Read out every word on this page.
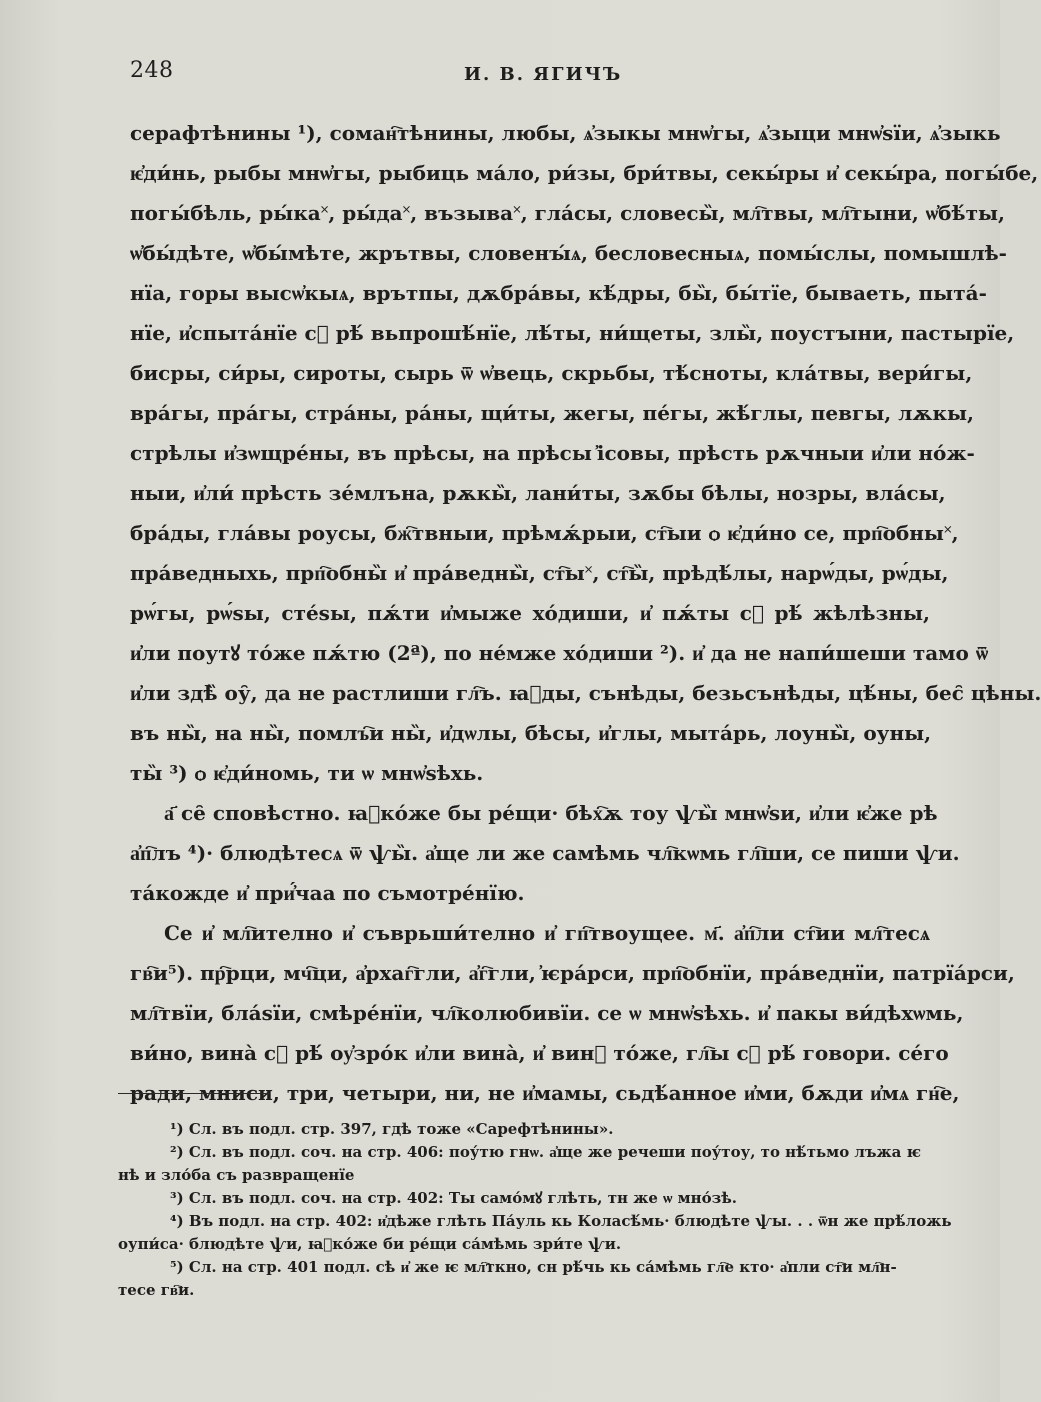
248	И. В. ЯГИЧЪ
серафтѣнины ¹), соман҇тѣнины, любы, ѧ҆зыкы мнѡ҆гы, ѧ҆зыци мнѡ҆ѕїи, ѧ҆зыкь
ѥ҆ди́нь, рыбы мнѡ҆гы, рыбиць ма́ло, ри́зы, бри́твы, секы́ры и҆ секы́ра, погы́бе,
погы́бѣль, ры́ка˟, ры́да˟, възыва˟, гла́сы, словесы̏, мл҇твы, мл҇тыни, ѡ҆бѣ́ты,
ѡ҆бы́дѣте, ѡ҆бы́мѣте, жрътвы, словенꙑ́ѧ, бесловесныѧ, помы́слы, помышлѣ-
нїа, горы высѡ҆кыѧ, врътпы, дѫбра́вы, кѣ́дры, бы̏, бы́тїе, бываеть, пыта́-
нїе, и҆спыта́нїе сꙵ рѣ́ вьпрошѣ́нїе, лѣ́ты, ни́щеты, злы̏, поустꙑни, пастырїе,
бисры, си́ры, сироты, сырь ѿ ѡ҆вець, скрьбы, тѣ́сноты, кла́твы, вери́гы,
вра́гы, пра́гы, стра́ны, ра́ны, щи́ты, жегы, пе́гы, жѣ́глы, певгы, лѫкы,
стрѣлы и҆зѡщре́ны, въ прѣсы, на прѣсы ҆ісовы, прѣсть рѫчныи и҆ли но́ж-
ныи, и҆ли́ прѣсть зе́млъна, рѫкы̏, лани́ты, зѫбы бѣлы, нозры, вла́сы,
бра́ды, гла́вы роусы, бж҇твныи, прѣмѫ́рыи, ст҇ыи ѻ ѥ҆ди́но се, прп҇обны˟,
пра́ведныхь, прп҇обны̏ и҆ пра́ведны̏, ст҇ы˟, ст҇ы̏, прѣдѣ́лы, нарѡ́ды, рѡ́ды,
рѡ́гы, рѡ́ѕы, сте́ѕы, пѫ́ти и҆мыже хо́диши, и҆ пѫ́ты сꙵ рѣ́ жѣлѣзны,
и҆ли поутꙋ то́же пѫ́тю (2ª), по не́мже хо́диши ²). и҆ да не напи́шеши тамо ѿ
и҆ли здѣ̏ оу̑, да не растлиши гл҇ъ. ꙗ҆ды, сънѣды, безьсънѣды, цѣ́ны, бес̑ цѣны.
въ ны̏, на ны̏, помлъ҇и ны̏, и҆дѡлы, бѣсы, и҆глы, мыта́рь, лоуны̏, оуны,
ты̏ ³) ѻ ѥ҆ди́номь, ти ѡ мнѡ҆ѕѣхь.
а҃ се̑ сповѣстно. ꙗ҆ко́же бы ре́щи· бѣх҇ѫ тоу ѱы̏ мнѡ҆ѕи, и҆ли ѥ҆же рѣ
а҆п҇лъ ⁴)· блюдѣтесѧ ѿ ѱы̏. а҆ще ли же самѣмь чл҇кѡмь гл҇ши, се пиши ѱи.
та́кожде и҆ при҆́чаа по съмотре́нїю.
Се и҆ мл҇ително и҆ съврьши́телно и҆ гп҇твоущее. м҃. а҆п҇ли ст҇ии мл҇тесѧ
гв҇и⁵). пр҇рци, мч҇ци, а҆рхаг҇гли, а҆г҇гли, ҆ѥра́рси, прп҇обнїи, пра́веднїи, патрїа́рси,
мл҇твїи, бла́ѕїи, смѣре́нїи, чл҇колюбивїи. се ѡ мнѡ҆ѕѣхь. и҆ пакы ви́дѣхѡмь,
ви́но, вина̀ сꙵ рѣ́ оу҆зро́к и҆ли вина̀, и҆ винꙋ то́же, гл҇ы сꙵ рѣ́ говори. се́го
ради, мниси, три, четыри, ни, не и҆мамы, сьдѣ́анное и҆ми, бѫди и҆мѧ гн҇е,
¹) Сл. въ подл. стр. 397, гдѣ тоже «Сарефтѣнины».
²) Сл. въ подл. соч. на стр. 406: поу́тю гнѡ. а҆ще же речеши поу́тоу, то нѣ́тьмо лъжа ѥ
нѣ и зло́ба съ развращенїе
³) Сл. въ подл. соч. на стр. 402: Ты само́мꙋ глѣть, тн же ѡ мно́зѣ.
⁴) Въ подл. на стр. 402: и҆дѣже глѣть Па́уль кь Коласѣ́мь· блюдѣте ѱы. . . ѿн же прѣ́ложь
оупи́са· блюдѣте ѱи, ꙗ҆ко́же би ре́щи са́мѣмь зри́те ѱи.
⁵) Сл. на стр. 401 подл. сѣ и҆ же ѥ мл҇ткно, сн рѣ́чь кь са́мѣмь гл҇е кто· а҆пли ст҇и мл҇н-
тесе гв҇и.
